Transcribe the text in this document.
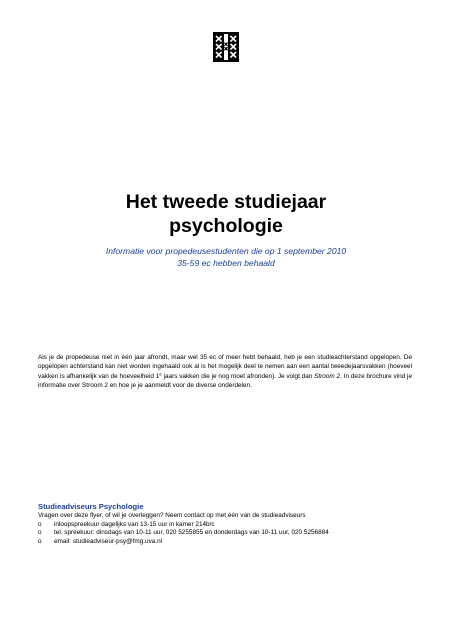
Het tweede studiejaar
psychologie
Informatie voor propedeusestudenten die op 1 september 2010
35-59 ec hebben behaald

Als je de propedeuse niet in één jaar afrondt, maar wel 35 ec of meer hebt behaald, heb je een studieachterstand opgelopen. De opgelopen achterstand kan niet worden ingehaald ook al is het mogelijk deel te nemen aan een aantal tweedejaarsvakken (hoeveel vakken is afhankelijk van de hoeveelheid 1e jaars vakken die je nog moet afronden). Je volgt dan Stroom 2. In deze brochure vind je informatie over Stroom 2 en hoe je je aanmeldt voor de diverse onderdelen.

Studieadviseurs Psychologie
Vragen over deze flyer, of wil je overleggen? Neem contact op met één van de studieadviseurs
o	inloopspreekuur dagelijks van 13-15 uur in kamer 214b/c
o	tel. spreekuur: dinsdags van 10-11 uur, 020 5255855 en donderdags van 10-11 uur, 020 5256884
o	email: studieadviseur-psy@fmg.uva.nl
